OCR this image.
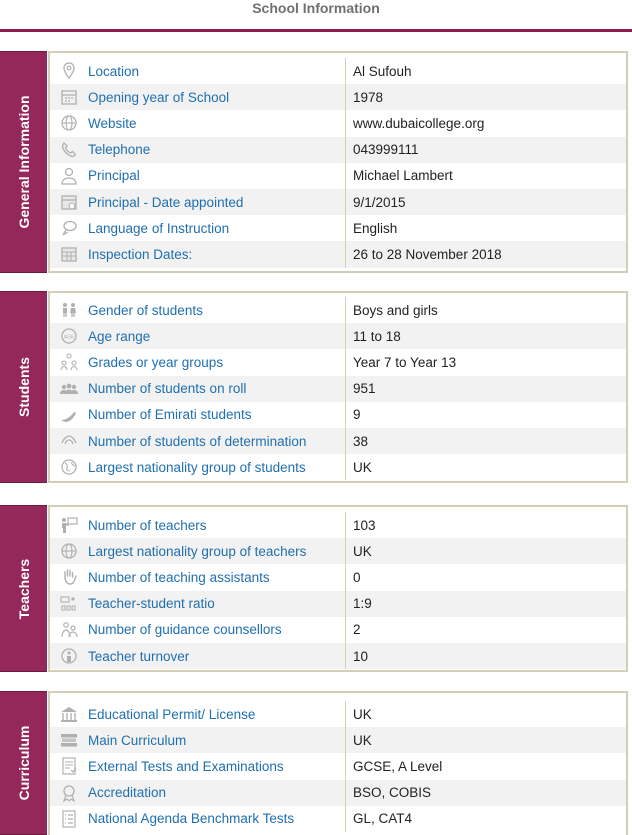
School Information
General Information
Location	Al Sufouh
Opening year of School	1978
Website	www.dubaicollege.org
Telephone	043999111
Principal	Michael Lambert
Principal - Date appointed	9/1/2015
Language of Instruction	English
Inspection Dates:	26 to 28 November 2018
Students
Gender of students	Boys and girls
AGE Age range	11 to 18
Grades or year groups	Year 7 to Year 13
Number of students on roll	951
Number of Emirati students	9
Number of students of determination	38
Largest nationality group of students	UK
Teachers
Number of teachers	103
Largest nationality group of teachers	UK
Number of teaching assistants	0
Teacher-student ratio	1:9
Number of guidance counsellors	2
Teacher turnover	10
Curriculum
Educational Permit/ License	UK
Main Curriculum	UK
External Tests and Examinations	GCSE, A Level
Accreditation	BSO, COBIS
National Agenda Benchmark Tests	GL, CAT4
